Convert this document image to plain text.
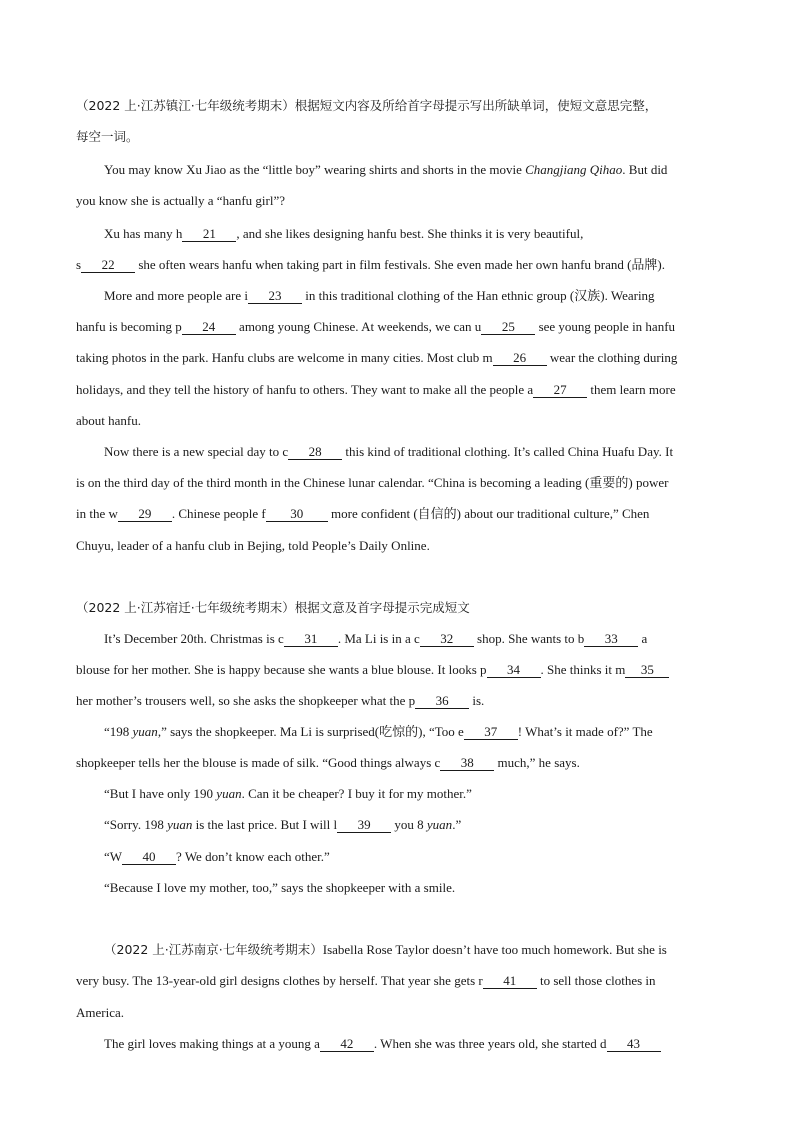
（2022 上·江苏镇江·七年级统考期末）根据短文内容及所给首字母提示写出所缺单词，使短文意思完整，
每空一词。
You may know Xu Jiao as the “little boy” wearing shirts and shorts in the movie Changjiang Qihao. But did
you know she is actually a “hanfu girl”?
Xu has many h 21 , and she likes designing hanfu best. She thinks it is very beautiful,
s 22 she often wears hanfu when taking part in film festivals. She even made her own hanfu brand (品牌).
More and more people are i 23 in this traditional clothing of the Han ethnic group (汉族). Wearing
hanfu is becoming p 24 among young Chinese. At weekends, we can u 25 see young people in hanfu
taking photos in the park. Hanfu clubs are welcome in many cities. Most club m 26 wear the clothing during
holidays, and they tell the history of hanfu to others. They want to make all the people a 27 them learn more
about hanfu.
Now there is a new special day to c 28 this kind of traditional clothing. It’s called China Huafu Day. It
is on the third day of the third month in the Chinese lunar calendar. “China is becoming a leading (重要的) power
in the w 29 . Chinese people f 30 more confident (自信的) about our traditional culture,” Chen
Chuyu, leader of a hanfu club in Bejing, told People’s Daily Online.
（2022 上·江苏宿迁·七年级统考期末）根据文意及首字母提示完成短文
It’s December 20th. Christmas is c 31 . Ma Li is in a c 32 shop. She wants to b 33 a
blouse for her mother. She is happy because she wants a blue blouse. It looks p 34 . She thinks it m 35
her mother’s trousers well, so she asks the shopkeeper what the p 36 is.
“198 yuan,” says the shopkeeper. Ma Li is surprised(吃惊的), “Too e 37 ! What’s it made of?” The
shopkeeper tells her the blouse is made of silk. “Good things always c 38 much,” he says.
“But I have only 190 yuan. Can it be cheaper? I buy it for my mother.”
“Sorry. 198 yuan is the last price. But I will l 39 you 8 yuan.”
“W 40 ? We don’t know each other.”
“Because I love my mother, too,” says the shopkeeper with a smile.
（2022 上·江苏南京·七年级统考期末）Isabella Rose Taylor doesn’t have too much homework. But she is
very busy. The 13-year-old girl designs clothes by herself. That year she gets r 41 to sell those clothes in
America.
The girl loves making things at a young a 42 . When she was three years old, she started d 43
